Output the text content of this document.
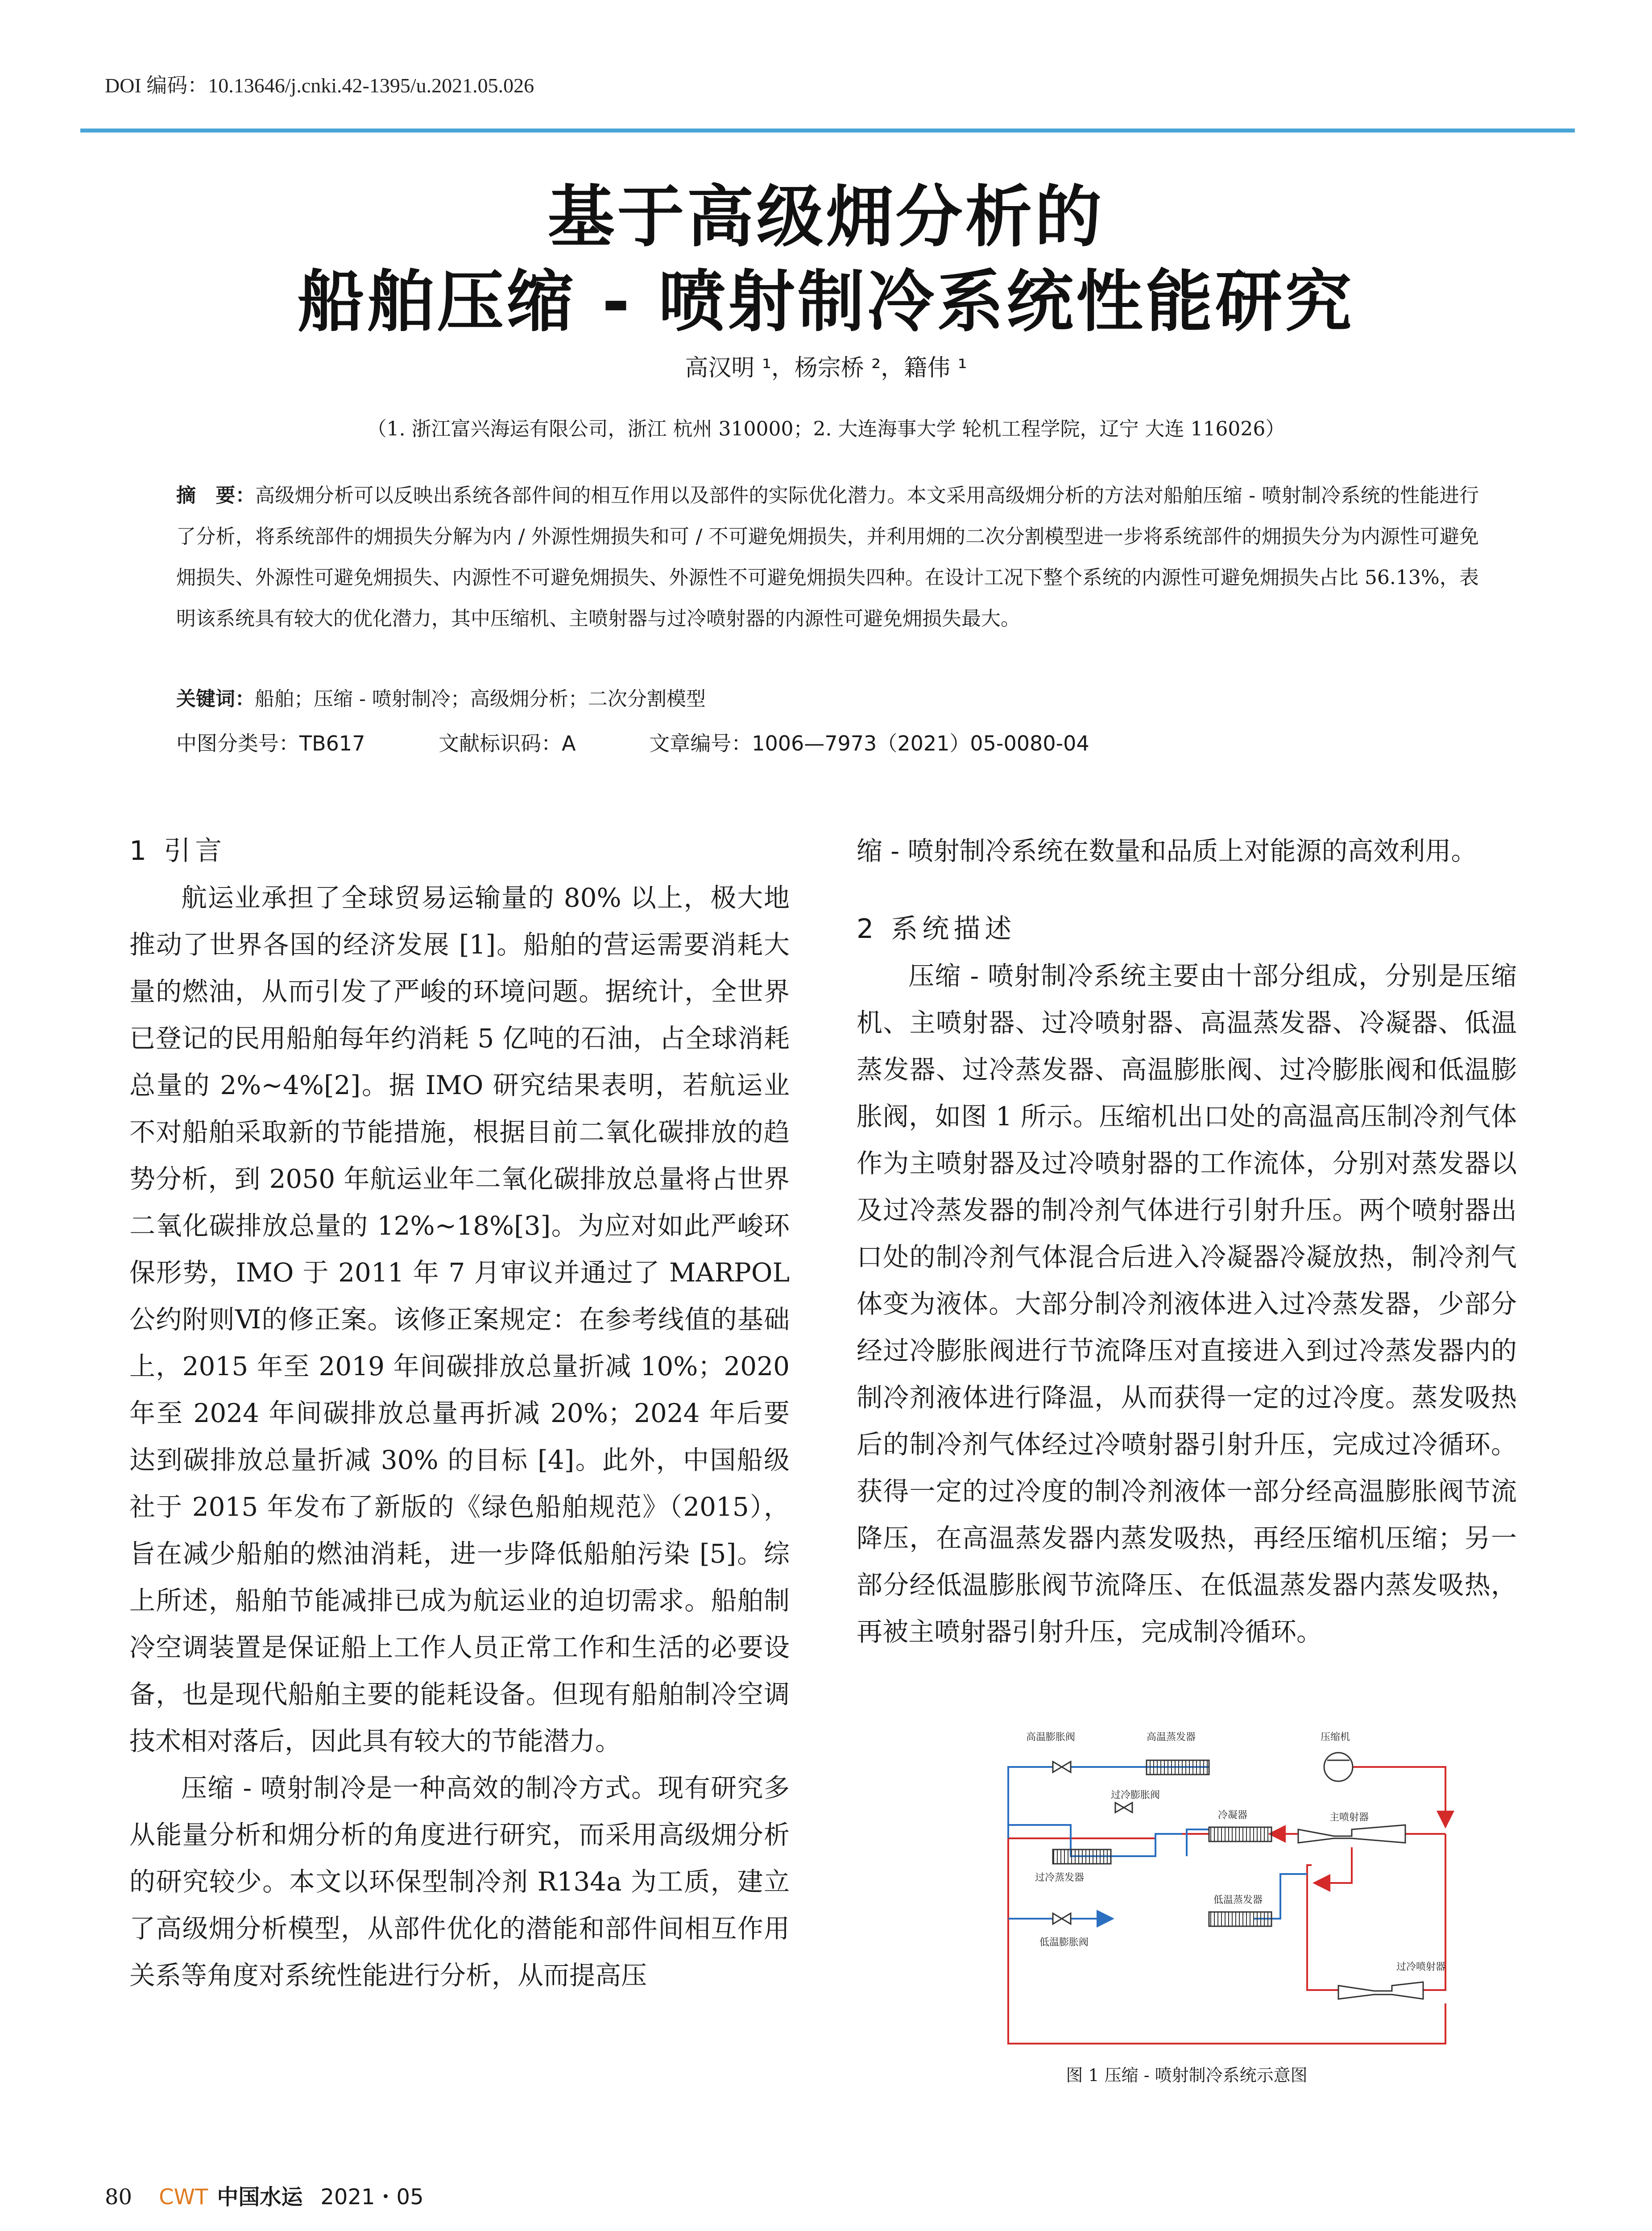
DOI 编码：10.13646/j.cnki.42-1395/u.2021.05.026
基于高级㶲分析的
船舶压缩 - 喷射制冷系统性能研究
高汉明 ¹，杨宗桥 ²，籍伟 ¹
（1. 浙江富兴海运有限公司，浙江 杭州 310000；2. 大连海事大学 轮机工程学院，辽宁 大连 116026）
摘　要：高级㶲分析可以反映出系统各部件间的相互作用以及部件的实际优化潜力。本文采用高级㶲分析的方法对船舶压缩 - 喷射制冷系统的性能进行了分析，将系统部件的㶲损失分解为内 / 外源性㶲损失和可 / 不可避免㶲损失，并利用㶲的二次分割模型进一步将系统部件的㶲损失分为内源性可避免㶲损失、外源性可避免㶲损失、内源性不可避免㶲损失、外源性不可避免㶲损失四种。在设计工况下整个系统的内源性可避免㶲损失占比 56.13%，表明该系统具有较大的优化潜力，其中压缩机、主喷射器与过冷喷射器的内源性可避免㶲损失最大。
关键词：船舶；压缩 - 喷射制冷；高级㶲分析；二次分割模型
中图分类号：TB617	文献标识码：A	文章编号：1006—7973（2021）05-0080-04
1 引言

航运业承担了全球贸易运输量的 80% 以上，极大地推动了世界各国的经济发展 [1]。船舶的营运需要消耗大量的燃油，从而引发了严峻的环境问题。据统计，全世界已登记的民用船舶每年约消耗 5 亿吨的石油，占全球消耗总量的 2%~4%[2]。据 IMO 研究结果表明，若航运业不对船舶采取新的节能措施，根据目前二氧化碳排放的趋势分析，到 2050 年航运业年二氧化碳排放总量将占世界二氧化碳排放总量的 12%~18%[3]。为应对如此严峻环保形势，IMO 于 2011 年 7 月审议并通过了 MARPOL 公约附则Ⅵ的修正案。该修正案规定：在参考线值的基础上，2015 年至 2019 年间碳排放总量折减 10%；2020 年至 2024 年间碳排放总量再折减 20%；2024 年后要达到碳排放总量折减 30% 的目标 [4]。此外，中国船级社于 2015 年发布了新版的《绿色船舶规范》（2015），旨在减少船舶的燃油消耗，进一步降低船舶污染 [5]。综上所述，船舶节能减排已成为航运业的迫切需求。船舶制冷空调装置是保证船上工作人员正常工作和生活的必要设备，也是现代船舶主要的能耗设备。但现有船舶制冷空调技术相对落后，因此具有较大的节能潜力。

压缩 - 喷射制冷是一种高效的制冷方式。现有研究多从能量分析和㶲分析的角度进行研究，而采用高级㶲分析的研究较少。本文以环保型制冷剂 R134a 为工质，建立了高级㶲分析模型，从部件优化的潜能和部件间相互作用关系等角度对系统性能进行分析，从而提高压

缩 - 喷射制冷系统在数量和品质上对能源的高效利用。

2 系统描述

压缩 - 喷射制冷系统主要由十部分组成，分别是压缩机、主喷射器、过冷喷射器、高温蒸发器、冷凝器、低温蒸发器、过冷蒸发器、高温膨胀阀、过冷膨胀阀和低温膨胀阀，如图 1 所示。压缩机出口处的高温高压制冷剂气体作为主喷射器及过冷喷射器的工作流体，分别对蒸发器以及过冷蒸发器的制冷剂气体进行引射升压。两个喷射器出口处的制冷剂气体混合后进入冷凝器冷凝放热，制冷剂气体变为液体。大部分制冷剂液体进入过冷蒸发器，少部分经过冷膨胀阀进行节流降压对直接进入到过冷蒸发器内的制冷剂液体进行降温，从而获得一定的过冷度。蒸发吸热后的制冷剂气体经过冷喷射器引射升压，完成过冷循环。获得一定的过冷度的制冷剂液体一部分经高温膨胀阀节流降压，在高温蒸发器内蒸发吸热，再经压缩机压缩；另一部分经低温膨胀阀节流降压、在低温蒸发器内蒸发吸热，再被主喷射器引射升压，完成制冷循环。

高温膨胀阀	高温蒸发器	压缩机
过冷膨胀阀
冷凝器	主喷射器
过冷蒸发器
低温蒸发器
低温膨胀阀
过冷喷射器
图 1 压缩 - 喷射制冷系统示意图
80 CWT 中国水运 2021・05
